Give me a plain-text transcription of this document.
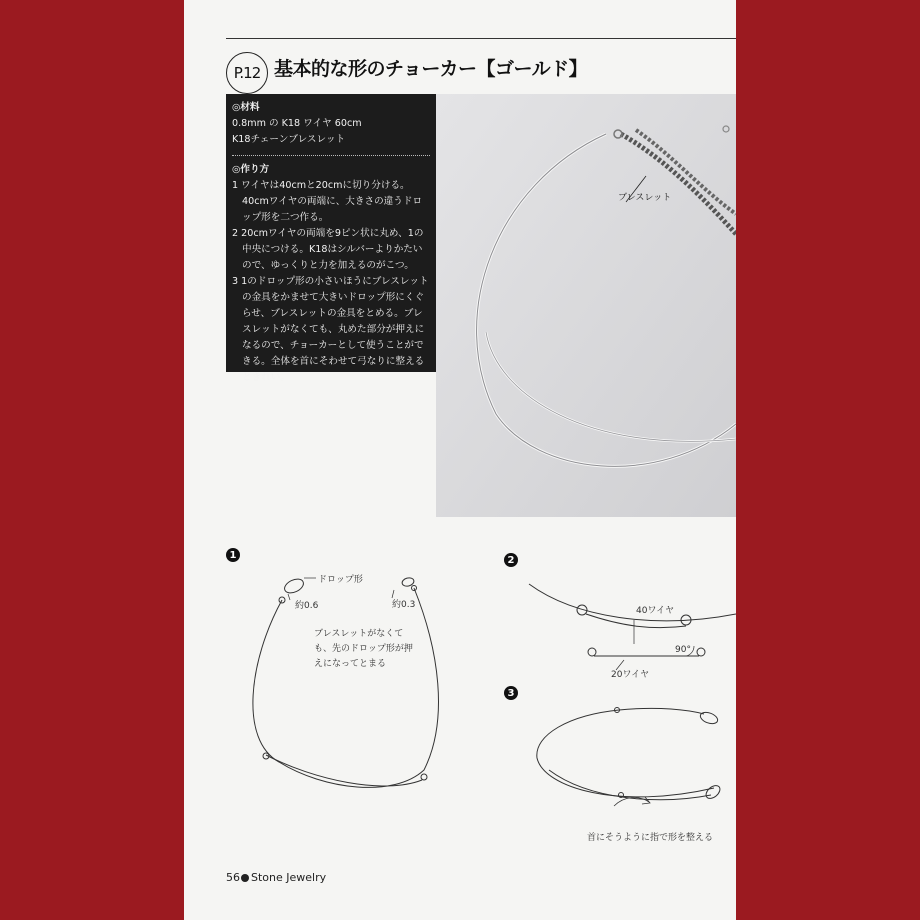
P.12 基本的な形のチョーカー【ゴールド】
◎材料
0.8mm の K18 ワイヤ 60cm
K18チェーンブレスレット
◎作り方
1 ワイヤは40cmと20cmに切り分ける。40cmワイヤの両端に、大きさの違うドロップ形を二つ作る。
2 20cmワイヤの両端を9ピン状に丸め、1の中央につける。K18はシルバーよりかたいので、ゆっくりと力を加えるのがこつ。
3 1のドロップ形の小さいほうにブレスレットの金具をかませて大きいドロップ形にくぐらせ、ブレスレットの金具をとめる。ブレスレットがなくても、丸めた部分が押えになるので、チョーカーとして使うことができる。全体を首にそわせて弓なりに整えるときれい。
ブレスレット
1
ドロップ形
約0.6	約0.3
ブレスレットがなくても、先のドロップ形が押えになってとまる
2
40ワイヤ
90°
20ワイヤ
3
首にそうように指で形を整える
56 Stone Jewelry
